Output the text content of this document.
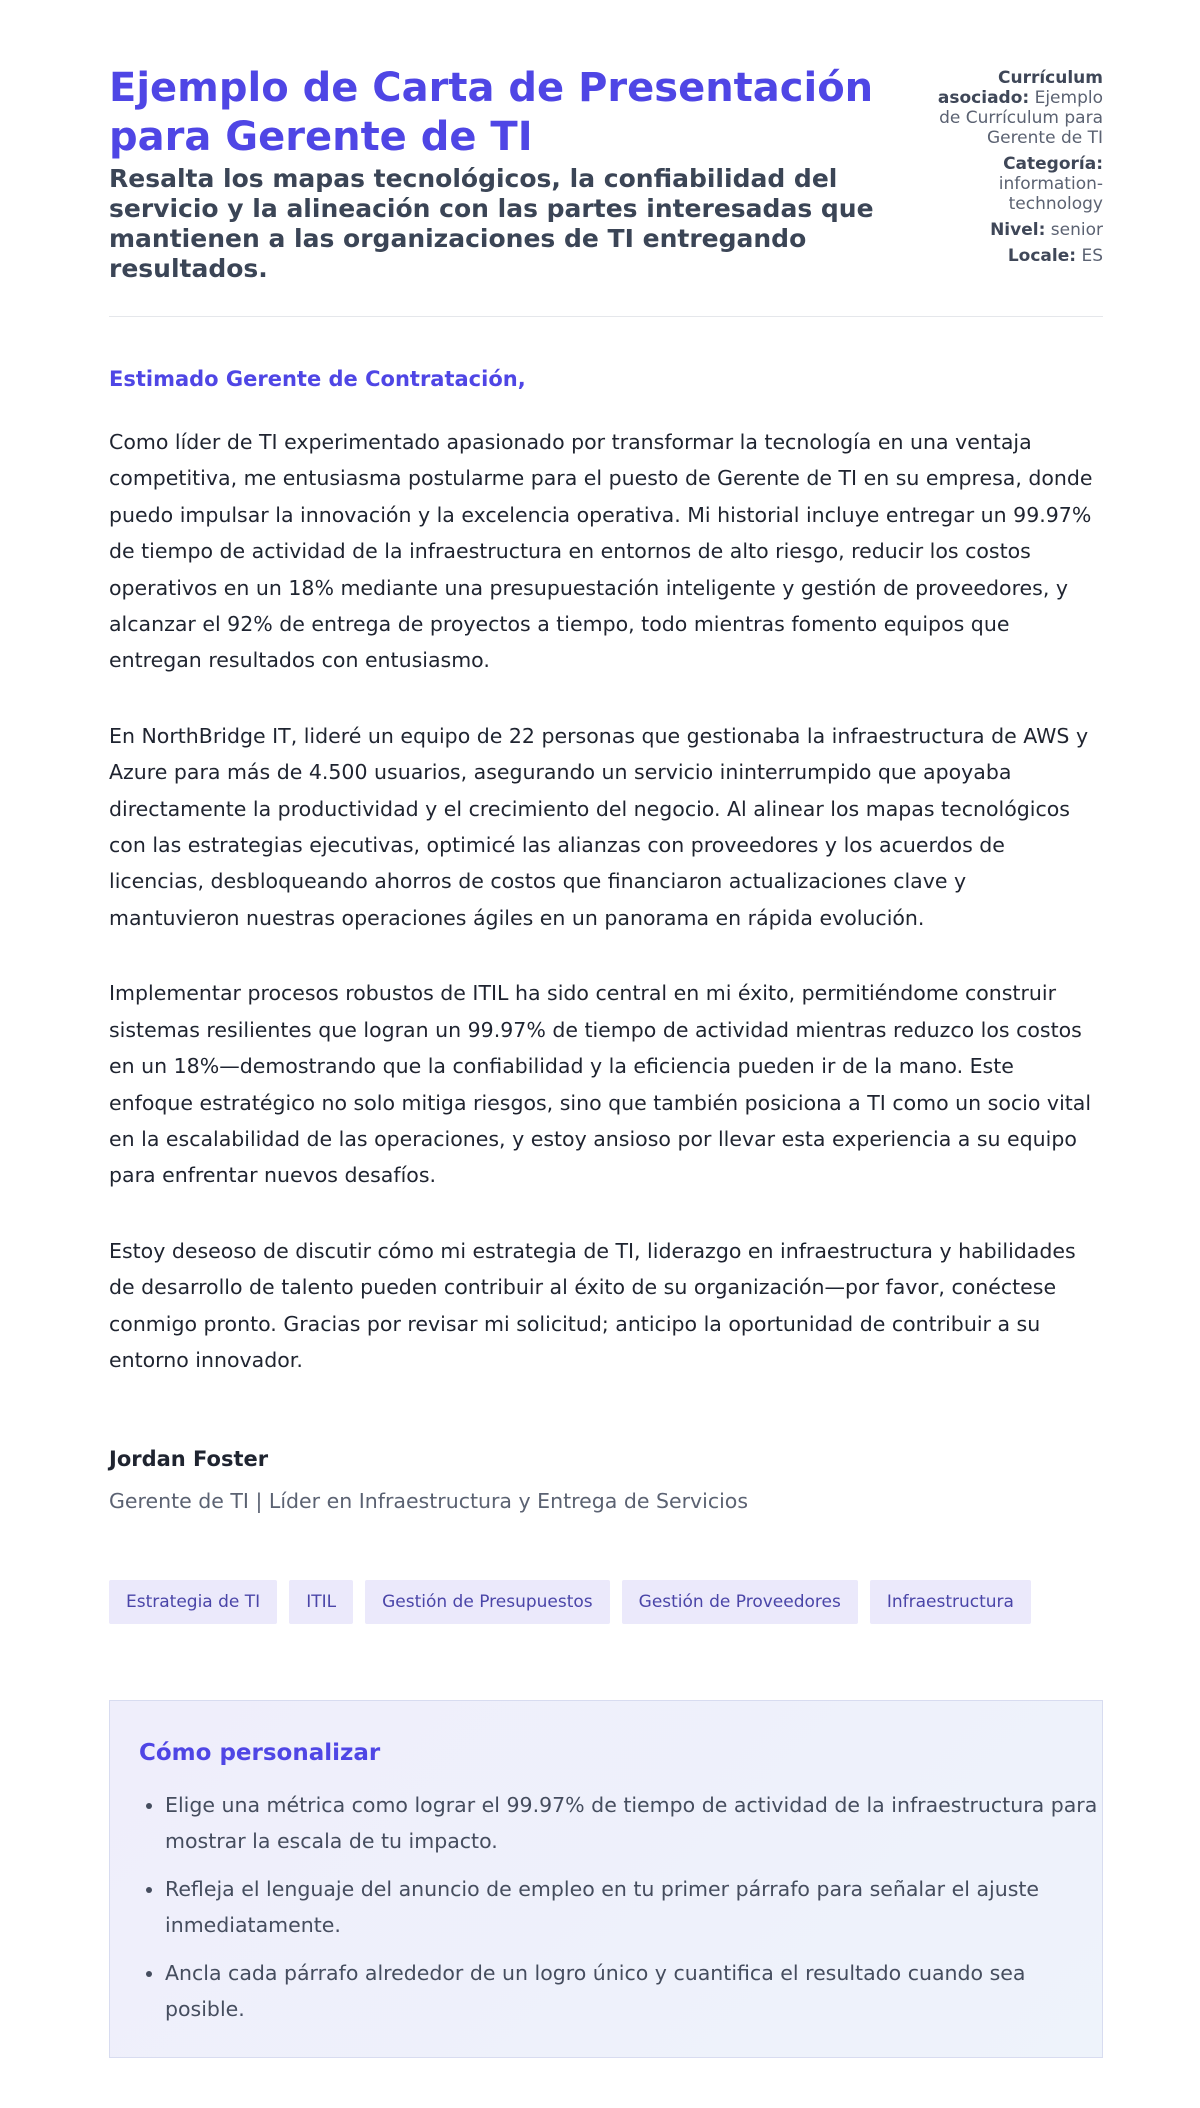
Ejemplo de Carta de Presentación para Gerente de TI
Resalta los mapas tecnológicos, la confiabilidad del servicio y la alineación con las partes interesadas que mantienen a las organizaciones de TI entregando resultados.
Currículum asociado: Ejemplo de Currículum para Gerente de TI
Categoría: information-technology
Nivel: senior
Locale: ES
Estimado Gerente de Contratación,

Como líder de TI experimentado apasionado por transformar la tecnología en una ventaja competitiva, me entusiasma postularme para el puesto de Gerente de TI en su empresa, donde puedo impulsar la innovación y la excelencia operativa. Mi historial incluye entregar un 99.97% de tiempo de actividad de la infraestructura en entornos de alto riesgo, reducir los costos operativos en un 18% mediante una presupuestación inteligente y gestión de proveedores, y alcanzar el 92% de entrega de proyectos a tiempo, todo mientras fomento equipos que entregan resultados con entusiasmo.

En NorthBridge IT, lideré un equipo de 22 personas que gestionaba la infraestructura de AWS y Azure para más de 4.500 usuarios, asegurando un servicio ininterrumpido que apoyaba directamente la productividad y el crecimiento del negocio. Al alinear los mapas tecnológicos con las estrategias ejecutivas, optimicé las alianzas con proveedores y los acuerdos de licencias, desbloqueando ahorros de costos que financiaron actualizaciones clave y mantuvieron nuestras operaciones ágiles en un panorama en rápida evolución.

Implementar procesos robustos de ITIL ha sido central en mi éxito, permitiéndome construir sistemas resilientes que logran un 99.97% de tiempo de actividad mientras reduzco los costos en un 18%—demostrando que la confiabilidad y la eficiencia pueden ir de la mano. Este enfoque estratégico no solo mitiga riesgos, sino que también posiciona a TI como un socio vital en la escalabilidad de las operaciones, y estoy ansioso por llevar esta experiencia a su equipo para enfrentar nuevos desafíos.

Estoy deseoso de discutir cómo mi estrategia de TI, liderazgo en infraestructura y habilidades de desarrollo de talento pueden contribuir al éxito de su organización—por favor, conéctese conmigo pronto. Gracias por revisar mi solicitud; anticipo la oportunidad de contribuir a su entorno innovador.

Jordan Foster

Gerente de TI | Líder en Infraestructura y Entrega de Servicios

Estrategia de TI	ITIL	Gestión de Presupuestos	Gestión de Proveedores	Infraestructura
Cómo personalizar
• Elige una métrica como lograr el 99.97% de tiempo de actividad de la infraestructura para mostrar la escala de tu impacto.
• Refleja el lenguaje del anuncio de empleo en tu primer párrafo para señalar el ajuste inmediatamente.
• Ancla cada párrafo alrededor de un logro único y cuantifica el resultado cuando sea posible.
